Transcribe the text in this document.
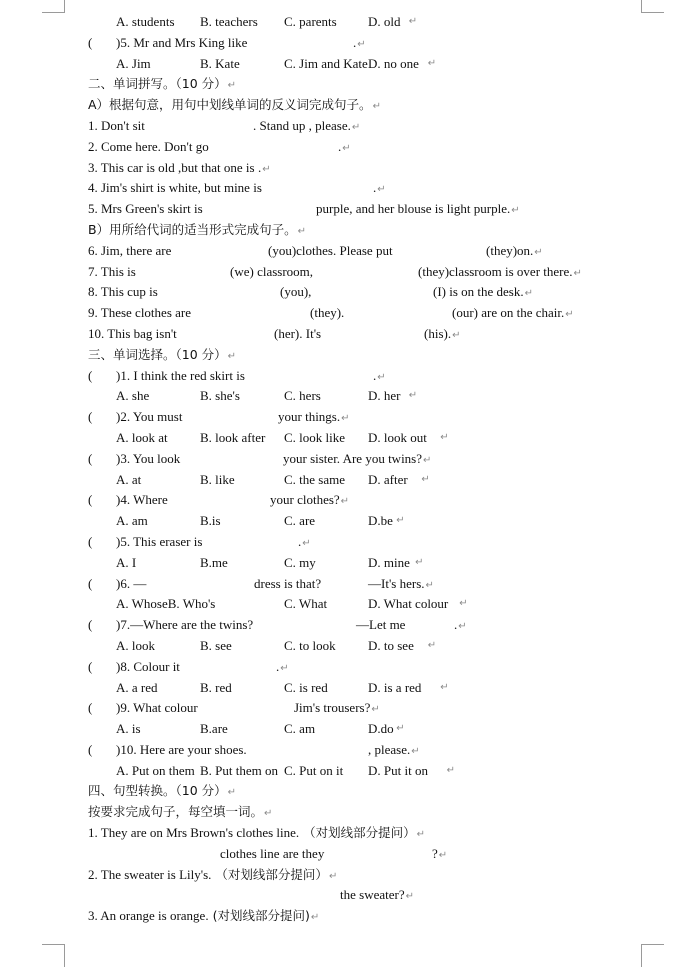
A. students B. teachers C. parents D. old ↵
(	)5. Mr and Mrs King like	.↵
A. Jim	B. Kate	C. Jim and Kate D. no one ↵
二、单词拼写。（10 分）↵
A）根据句意，用句中划线单词的反义词完成句子。↵
1. Don't sit	. Stand up , please.↵
2. Come here. Don't go	.↵
3. This car is old ,but that one is .↵
4. Jim's shirt is white, but mine is	.↵
5. Mrs Green's skirt is	purple, and her blouse is light purple.↵
B）用所给代词的适当形式完成句子。↵
6. Jim, there are	(you)clothes. Please put	(they)on.↵
7. This is	(we) classroom,	(they)classroom is over there.↵
8. This cup is	(you),	(I) is on the desk.↵
9. These clothes are	(they).	(our) are on the chair.↵
10. This bag isn't	(her). It's	(his).↵
三、单词选择。（10 分）↵
(	)1. I think the red skirt is	.↵
A. she	B. she's	C. hers	D. her ↵
(	)2. You must	your things.↵
A. look at B. look after C. look like D. look out ↵
(	)3. You look	your sister. Are you twins?↵
A. at	B. like	C. the same D. after ↵
(	)4. Where	your clothes?↵
A. am	B.is	C. are	D.be ↵
(	)5. This eraser is	.↵
A. I	B.me	C. my	D. mine ↵
(	)6. —	dress is that?	—It's hers.↵
A. WhoseB. Who's	C. What	D. What colour ↵
(	)7.—Where are the twins?	—Let me	.↵
A. look	B. see	C. to look D. to see ↵
(	)8. Colour it	.↵
A. a red	B. red	C. is red	D. is a red ↵
(	)9. What colour	Jim's trousers?↵
A. is	B.are	C. am	D.do ↵
(	)10. Here are your shoes.	, please.↵
A. Put on them B. Put them on C. Put on it D. Put it on ↵
四、句型转换。（10 分）↵
按要求完成句子，每空填一词。↵
1. They are on Mrs Brown's clothes line. （对划线部分提问）↵
clothes line are they	?↵
2. The sweater is Lily's. （对划线部分提问）↵
the sweater?↵
3. An orange is orange. (对划线部分提问)↵
